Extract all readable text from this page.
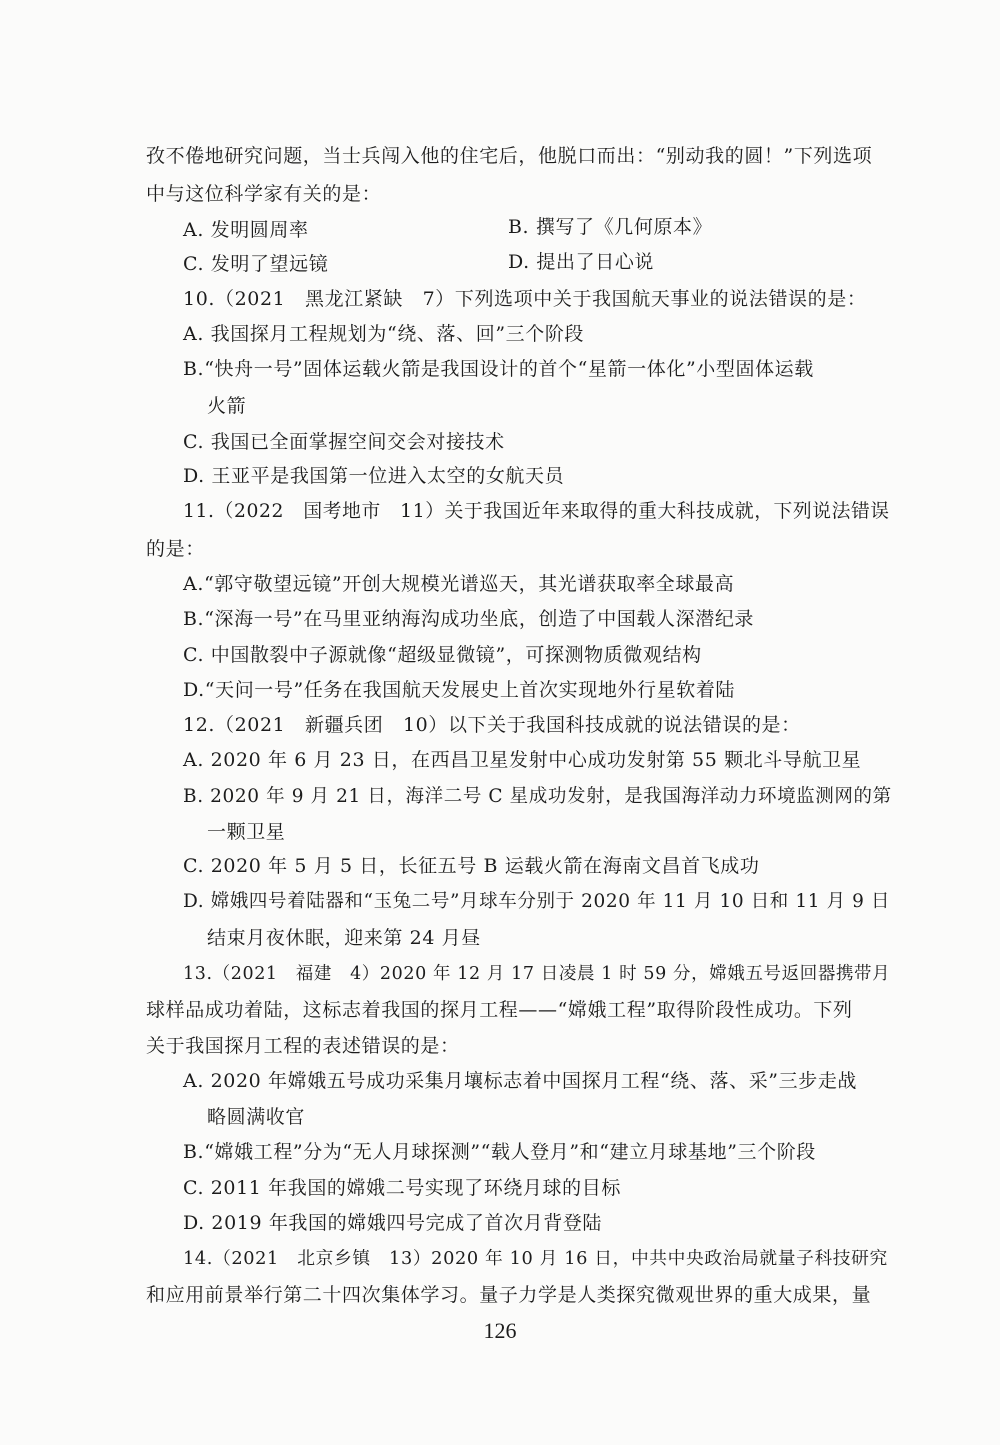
孜不倦地研究问题，当士兵闯入他的住宅后，他脱口而出：“别动我的圆！”下列选项
中与这位科学家有关的是：
A. 发明圆周率	B. 撰写了《几何原本》
C. 发明了望远镜	D. 提出了日心说
10.（2021　黑龙江紧缺　7）下列选项中关于我国航天事业的说法错误的是：
A. 我国探月工程规划为“绕、落、回”三个阶段
B.“快舟一号”固体运载火箭是我国设计的首个“星箭一体化”小型固体运载
火箭
C. 我国已全面掌握空间交会对接技术
D. 王亚平是我国第一位进入太空的女航天员
11.（2022　国考地市　11）关于我国近年来取得的重大科技成就，下列说法错误
的是：
A.“郭守敬望远镜”开创大规模光谱巡天，其光谱获取率全球最高
B.“深海一号”在马里亚纳海沟成功坐底，创造了中国载人深潜纪录
C. 中国散裂中子源就像“超级显微镜”，可探测物质微观结构
D.“天问一号”任务在我国航天发展史上首次实现地外行星软着陆
12.（2021　新疆兵团　10）以下关于我国科技成就的说法错误的是：
A. 2020 年 6 月 23 日，在西昌卫星发射中心成功发射第 55 颗北斗导航卫星
B. 2020 年 9 月 21 日，海洋二号 C 星成功发射，是我国海洋动力环境监测网的第
一颗卫星
C. 2020 年 5 月 5 日，长征五号 B 运载火箭在海南文昌首飞成功
D. 嫦娥四号着陆器和“玉兔二号”月球车分别于 2020 年 11 月 10 日和 11 月 9 日
结束月夜休眠，迎来第 24 月昼
13.（2021　福建　4）2020 年 12 月 17 日凌晨 1 时 59 分，嫦娥五号返回器携带月
球样品成功着陆，这标志着我国的探月工程——“嫦娥工程”取得阶段性成功。下列
关于我国探月工程的表述错误的是：
A. 2020 年嫦娥五号成功采集月壤标志着中国探月工程“绕、落、采”三步走战
略圆满收官
B.“嫦娥工程”分为“无人月球探测”“载人登月”和“建立月球基地”三个阶段
C. 2011 年我国的嫦娥二号实现了环绕月球的目标
D. 2019 年我国的嫦娥四号完成了首次月背登陆
14.（2021　北京乡镇　13）2020 年 10 月 16 日，中共中央政治局就量子科技研究
和应用前景举行第二十四次集体学习。量子力学是人类探究微观世界的重大成果，量
126
